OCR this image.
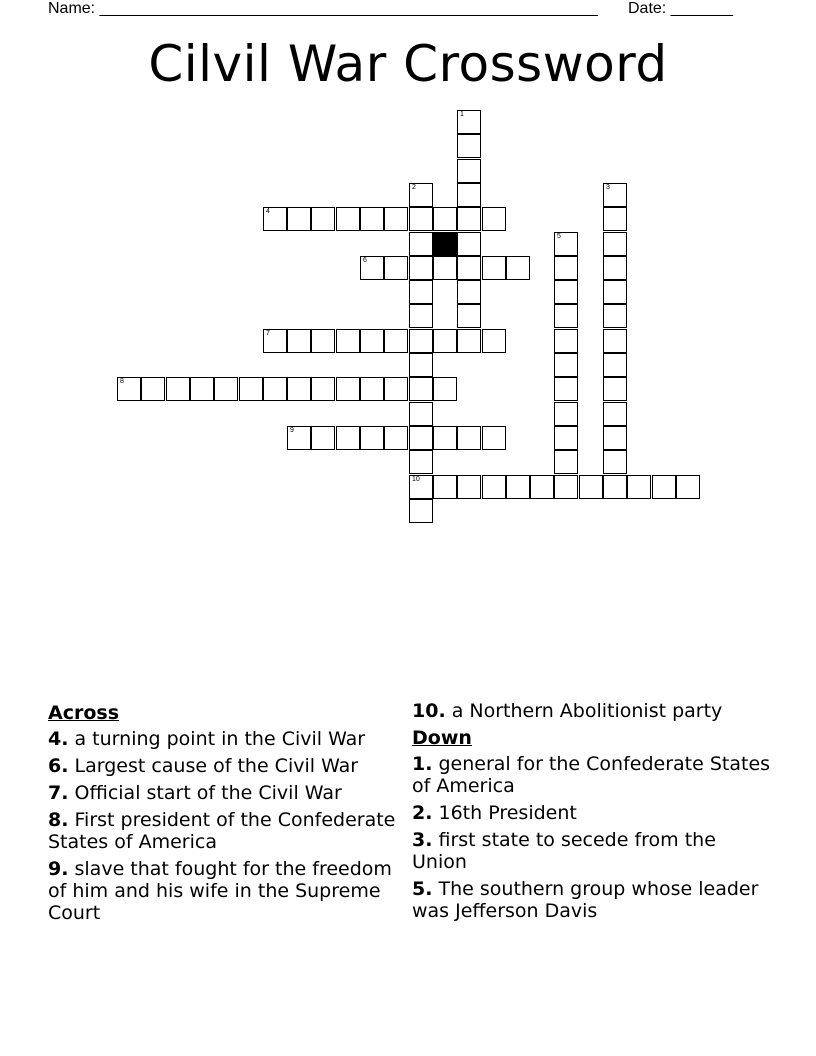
Name: ________________________________________________________ Date: _______
Cilvil War Crossword
4
6
7
8
9
10
1
2	3
5
Across
4. a turning point in the Civil War
6. Largest cause of the Civil War
7. Official start of the Civil War
8. First president of the Confederate States of America
9. slave that fought for the freedom of him and his wife in the Supreme Court
10. a Northern Abolitionist party
Down
1. general for the Confederate States of America
2. 16th President
3. first state to secede from the Union
5. The southern group whose leader was Jefferson Davis
